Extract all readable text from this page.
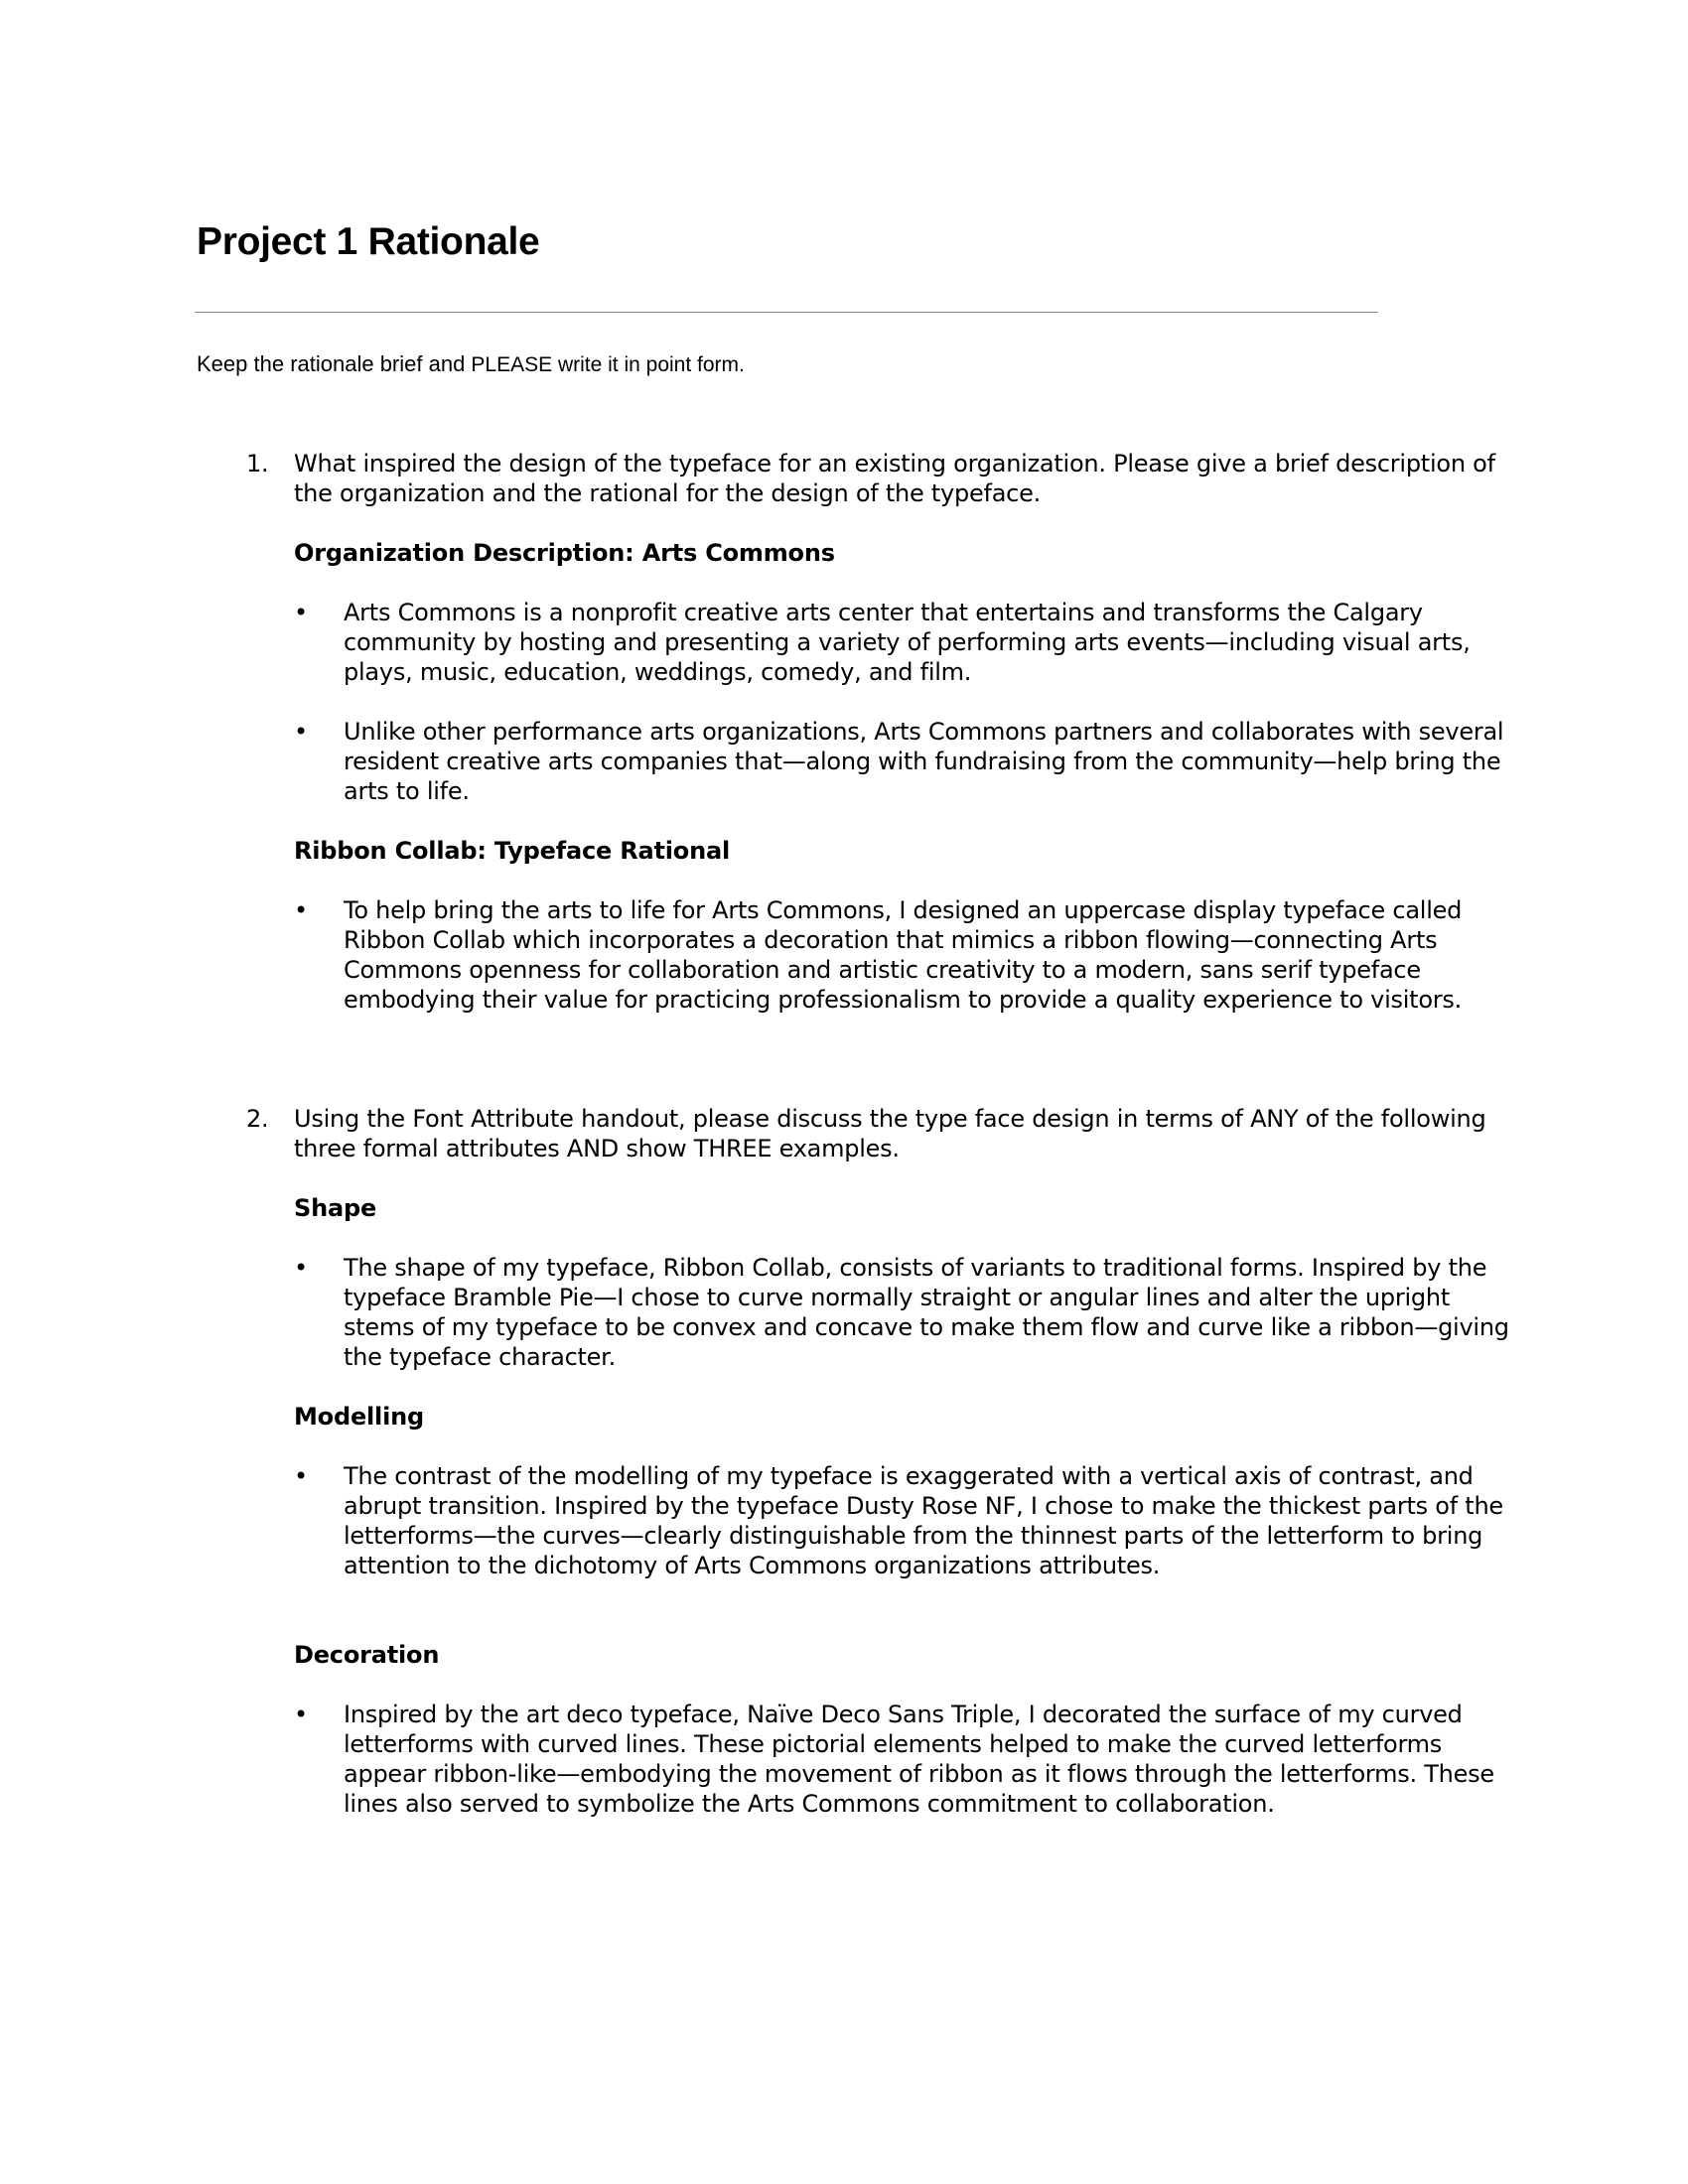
Project 1 Rationale

Keep the rationale brief and PLEASE write it in point form.

1.	What inspired the design of the typeface for an existing organization. Please give a brief description of the organization and the rational for the design of the typeface.

Organization Description: Arts Commons
•	Arts Commons is a nonprofit creative arts center that entertains and transforms the Calgary community by hosting and presenting a variety of performing arts events—including visual arts, plays, music, education, weddings, comedy, and film.

•	Unlike other performance arts organizations, Arts Commons partners and collaborates with several resident creative arts companies that—along with fundraising from the community—help bring the arts to life.

Ribbon Collab: Typeface Rational
•	To help bring the arts to life for Arts Commons, I designed an uppercase display typeface called Ribbon Collab which incorporates a decoration that mimics a ribbon flowing—connecting Arts Commons openness for collaboration and artistic creativity to a modern, sans serif typeface embodying their value for practicing professionalism to provide a quality experience to visitors.

2.	Using the Font Attribute handout, please discuss the type face design in terms of ANY of the following three formal attributes AND show THREE examples.

Shape
•	The shape of my typeface, Ribbon Collab, consists of variants to traditional forms. Inspired by the typeface Bramble Pie—I chose to curve normally straight or angular lines and alter the upright stems of my typeface to be convex and concave to make them flow and curve like a ribbon—giving the typeface character.

Modelling
•	The contrast of the modelling of my typeface is exaggerated with a vertical axis of contrast, and abrupt transition. Inspired by the typeface Dusty Rose NF, I chose to make the thickest parts of the letterforms—the curves—clearly distinguishable from the thinnest parts of the letterform to bring attention to the dichotomy of Arts Commons organizations attributes.

Decoration
•	Inspired by the art deco typeface, Naïve Deco Sans Triple, I decorated the surface of my curved letterforms with curved lines. These pictorial elements helped to make the curved letterforms appear ribbon-like—embodying the movement of ribbon as it flows through the letterforms. These lines also served to symbolize the Arts Commons commitment to collaboration.
